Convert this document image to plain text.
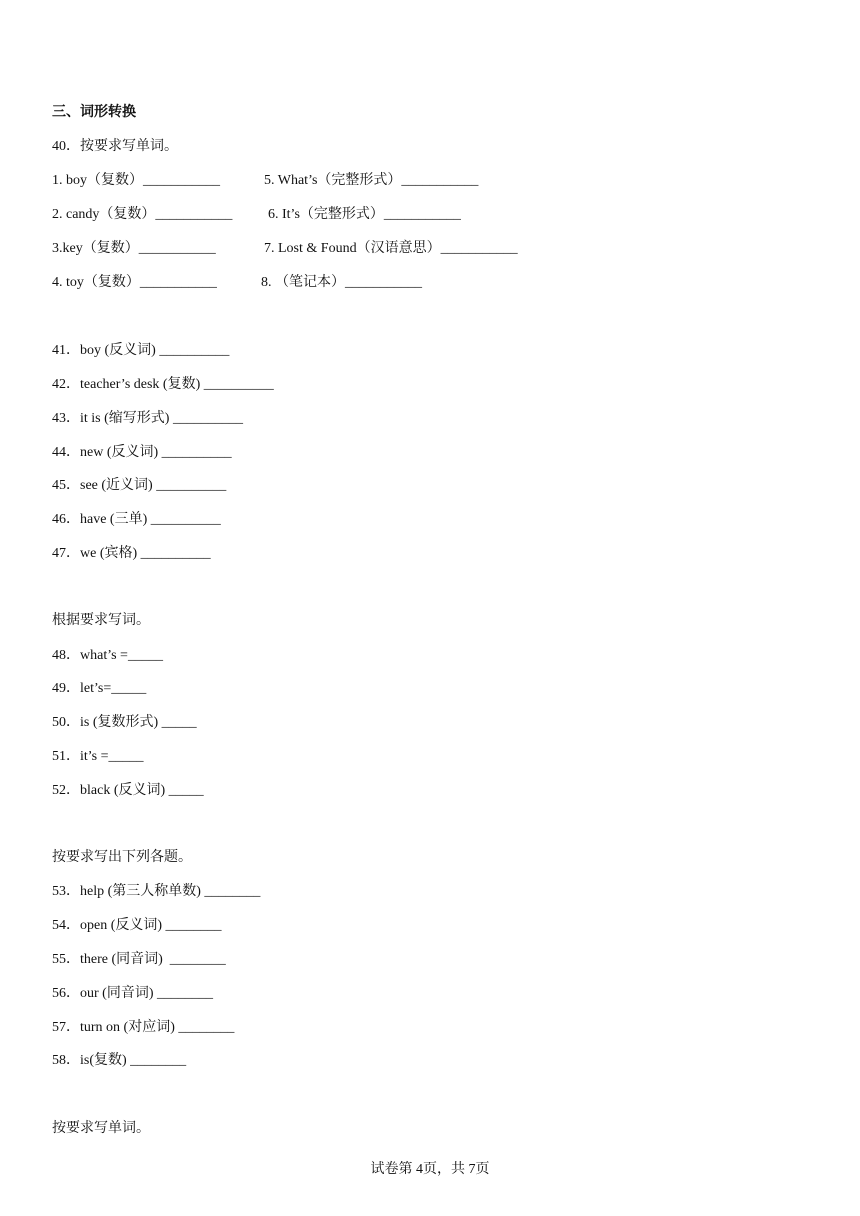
三、词形转换
40．按要求写单词。
1. boy（复数）___________	5. What’s（完整形式）___________
2. candy（复数）___________	6. It’s（完整形式）___________
3.key（复数）___________	7. Lost & Found（汉语意思）___________
4. toy（复数）___________	8. （笔记本）___________
41．boy (反义词) __________
42．teacher’s desk (复数) __________
43．it is (缩写形式) __________
44．new (反义词) __________
45．see (近义词) __________
46．have (三单) __________
47．we (宾格) __________
根据要求写词。
48．what’s =_____
49．let’s=_____
50．is (复数形式) _____
51．it’s =_____
52．black (反义词) _____
按要求写出下列各题。
53．help (第三人称单数) ________
54．open (反义词) ________
55．there (同音词)  ________
56．our (同音词) ________
57．turn on (对应词) ________
58．is(复数) ________
按要求写单词。
试卷第 4页，共 7页
